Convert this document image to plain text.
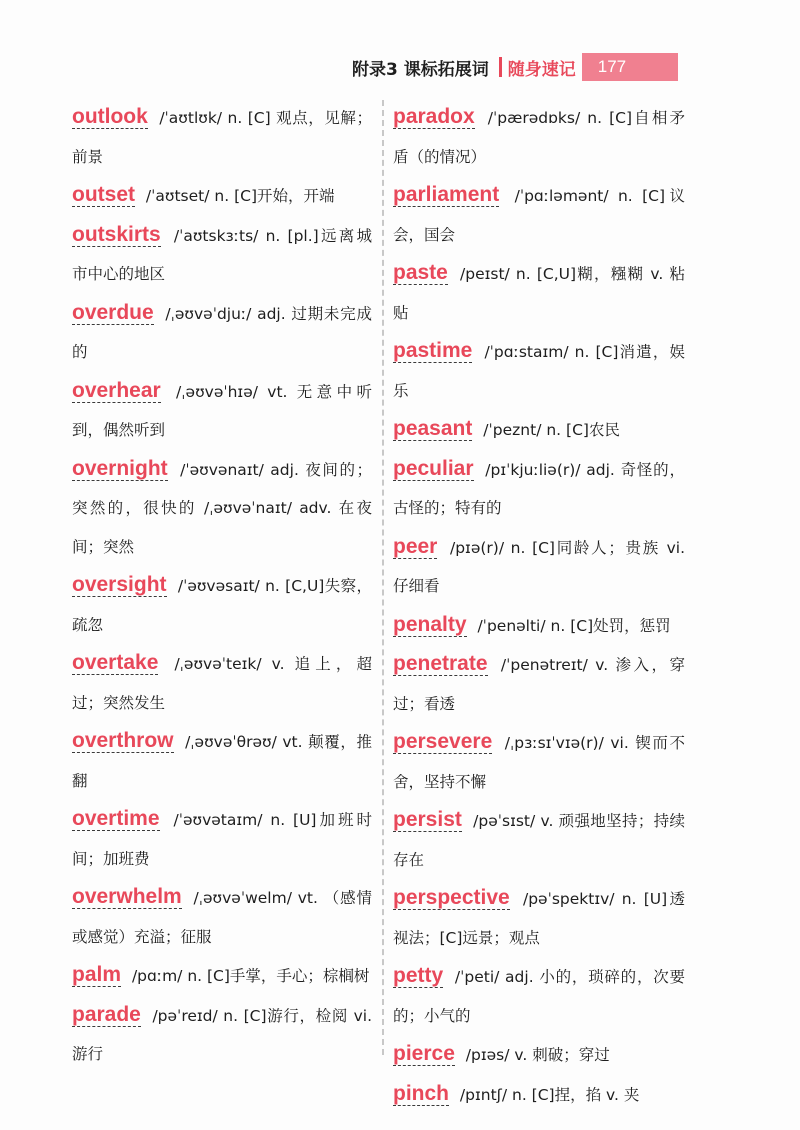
附录3 课标拓展词 随身速记	177
outlook /ˈaʊtlʊk/ n. [C] 观点，见解；前景
outset /ˈaʊtset/ n. [C]开始，开端
outskirts /ˈaʊtskɜːts/ n. [pl.]远离城市中心的地区
overdue /ˌəʊvəˈdjuː/ adj. 过期未完成的
overhear /ˌəʊvəˈhɪə/ vt. 无意中听到，偶然听到
overnight /ˈəʊvənaɪt/ adj. 夜间的；突然的，很快的 /ˌəʊvəˈnaɪt/ adv. 在夜间；突然
oversight /ˈəʊvəsaɪt/ n. [C,U]失察，疏忽
overtake /ˌəʊvəˈteɪk/ v. 追上，超过；突然发生
overthrow /ˌəʊvəˈθrəʊ/ vt. 颠覆，推翻
overtime /ˈəʊvətaɪm/ n. [U]加班时间；加班费
overwhelm /ˌəʊvəˈwelm/ vt. （感情或感觉）充溢；征服
palm /pɑːm/ n. [C]手掌，手心；棕榈树
parade /pəˈreɪd/ n. [C]游行，检阅 vi. 游行
paradox /ˈpærədɒks/ n. [C]自相矛盾（的情况）
parliament /ˈpɑːləmənt/ n. [C]议会，国会
paste /peɪst/ n. [C,U]糊，糨糊 v. 粘贴
pastime /ˈpɑːstaɪm/ n. [C]消遣，娱乐
peasant /ˈpeznt/ n. [C]农民
peculiar /pɪˈkjuːliə(r)/ adj. 奇怪的，古怪的；特有的
peer /pɪə(r)/ n. [C]同龄人；贵族 vi. 仔细看
penalty /ˈpenəlti/ n. [C]处罚，惩罚
penetrate /ˈpenətreɪt/ v. 渗入，穿过；看透
persevere /ˌpɜːsɪˈvɪə(r)/ vi. 锲而不舍，坚持不懈
persist /pəˈsɪst/ v. 顽强地坚持；持续存在
perspective /pəˈspektɪv/ n. [U]透视法；[C]远景；观点
petty /ˈpeti/ adj. 小的，琐碎的，次要的；小气的
pierce /pɪəs/ v. 刺破；穿过
pinch /pɪntʃ/ n. [C]捏，掐 v. 夹
